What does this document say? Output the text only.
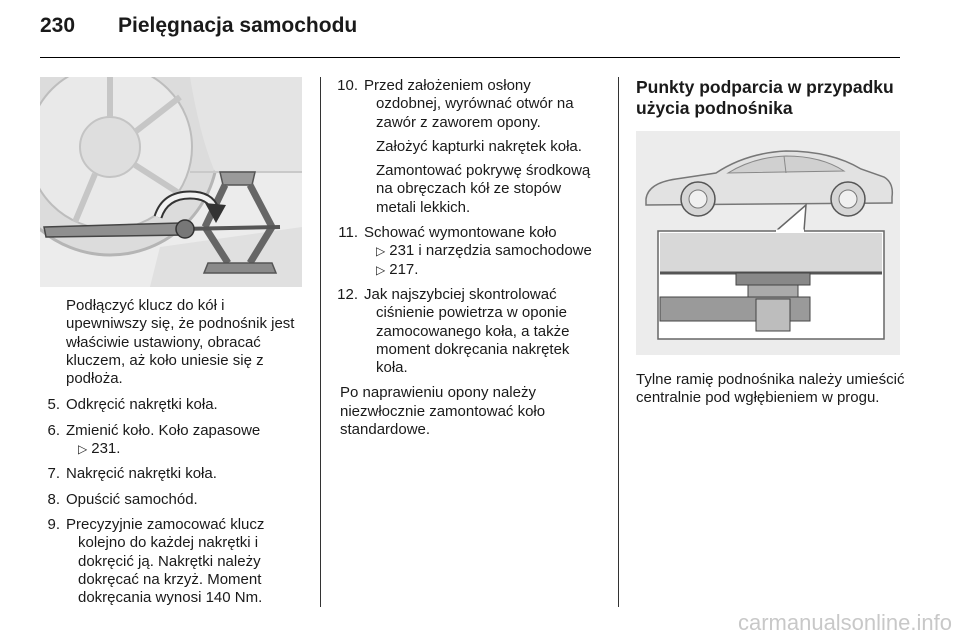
230 Pielęgnacja samochodu
Podłączyć klucz do kół i upewniwszy się, że podnośnik jest właściwie ustawiony, obracać kluczem, aż koło uniesie się z podłoża.
5. Odkręcić nakrętki koła.
6. Zmienić koło. Koło zapasowe
▷ 231.
7. Nakręcić nakrętki koła.
8. Opuścić samochód.
9. Precyzyjnie zamocować klucz
kolejno do każdej nakrętki i dokręcić ją. Nakrętki należy dokręcać na krzyż. Moment dokręcania wynosi 140 Nm.
10. Przed założeniem osłony
ozdobnej, wyrównać otwór na zawór z zaworem opony.
Założyć kapturki nakrętek koła.
Zamontować pokrywę środkową na obręczach kół ze stopów metali lekkich.
11. Schować wymontowane koło
▷ 231 i narzędzia samochodowe
▷ 217.
12. Jak najszybciej skontrolować
ciśnienie powietrza w oponie zamocowanego koła, a także moment dokręcania nakrętek koła.
Po naprawieniu opony należy niezwłocznie zamontować koło standardowe.
Punkty podparcia w przypadku użycia podnośnika
Tylne ramię podnośnika należy umieścić centralnie pod wgłębieniem w progu.
carmanualsonline.info
